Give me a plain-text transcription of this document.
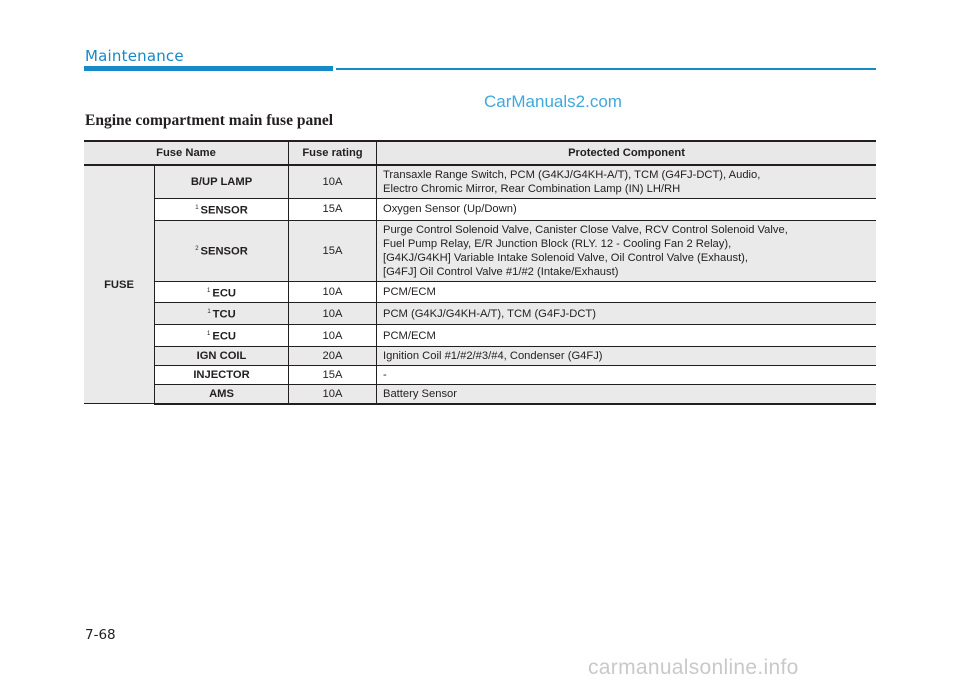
Maintenance
CarManuals2.com
Engine compartment main fuse panel
Fuse Name		Fuse rating	Protected Component
FUSE	B/UP LAMP	10A	Transaxle Range Switch, PCM (G4KJ/G4KH-A/T), TCM (G4FJ-DCT), Audio,
Electro Chromic Mirror, Rear Combination Lamp (IN) LH/RH

	$^1$ SENSOR	15A	Oxygen Sensor (Up/Down)

	$^2$ SENSOR	15A	Purge Control Solenoid Valve, Canister Close Valve, RCV Control Solenoid Valve,
Fuel Pump Relay, E/R Junction Block (RLY. 12 - Cooling Fan 2 Relay),
[G4KJ/G4KH] Variable Intake Solenoid Valve, Oil Control Valve (Exhaust),
[G4FJ] Oil Control Valve #1/#2 (Intake/Exhaust)

	$^1$ ECU	10A	PCM/ECM

	$^1$ TCU	10A	PCM (G4KJ/G4KH-A/T), TCM (G4FJ-DCT)

	$^1$ ECU	10A	PCM/ECM

	IGN COIL	20A	Ignition Coil #1/#2/#3/#4, Condenser (G4FJ)

	INJECTOR	15A	-

	AMS	10A	Battery Sensor
7-68
carmanualsonline.info
